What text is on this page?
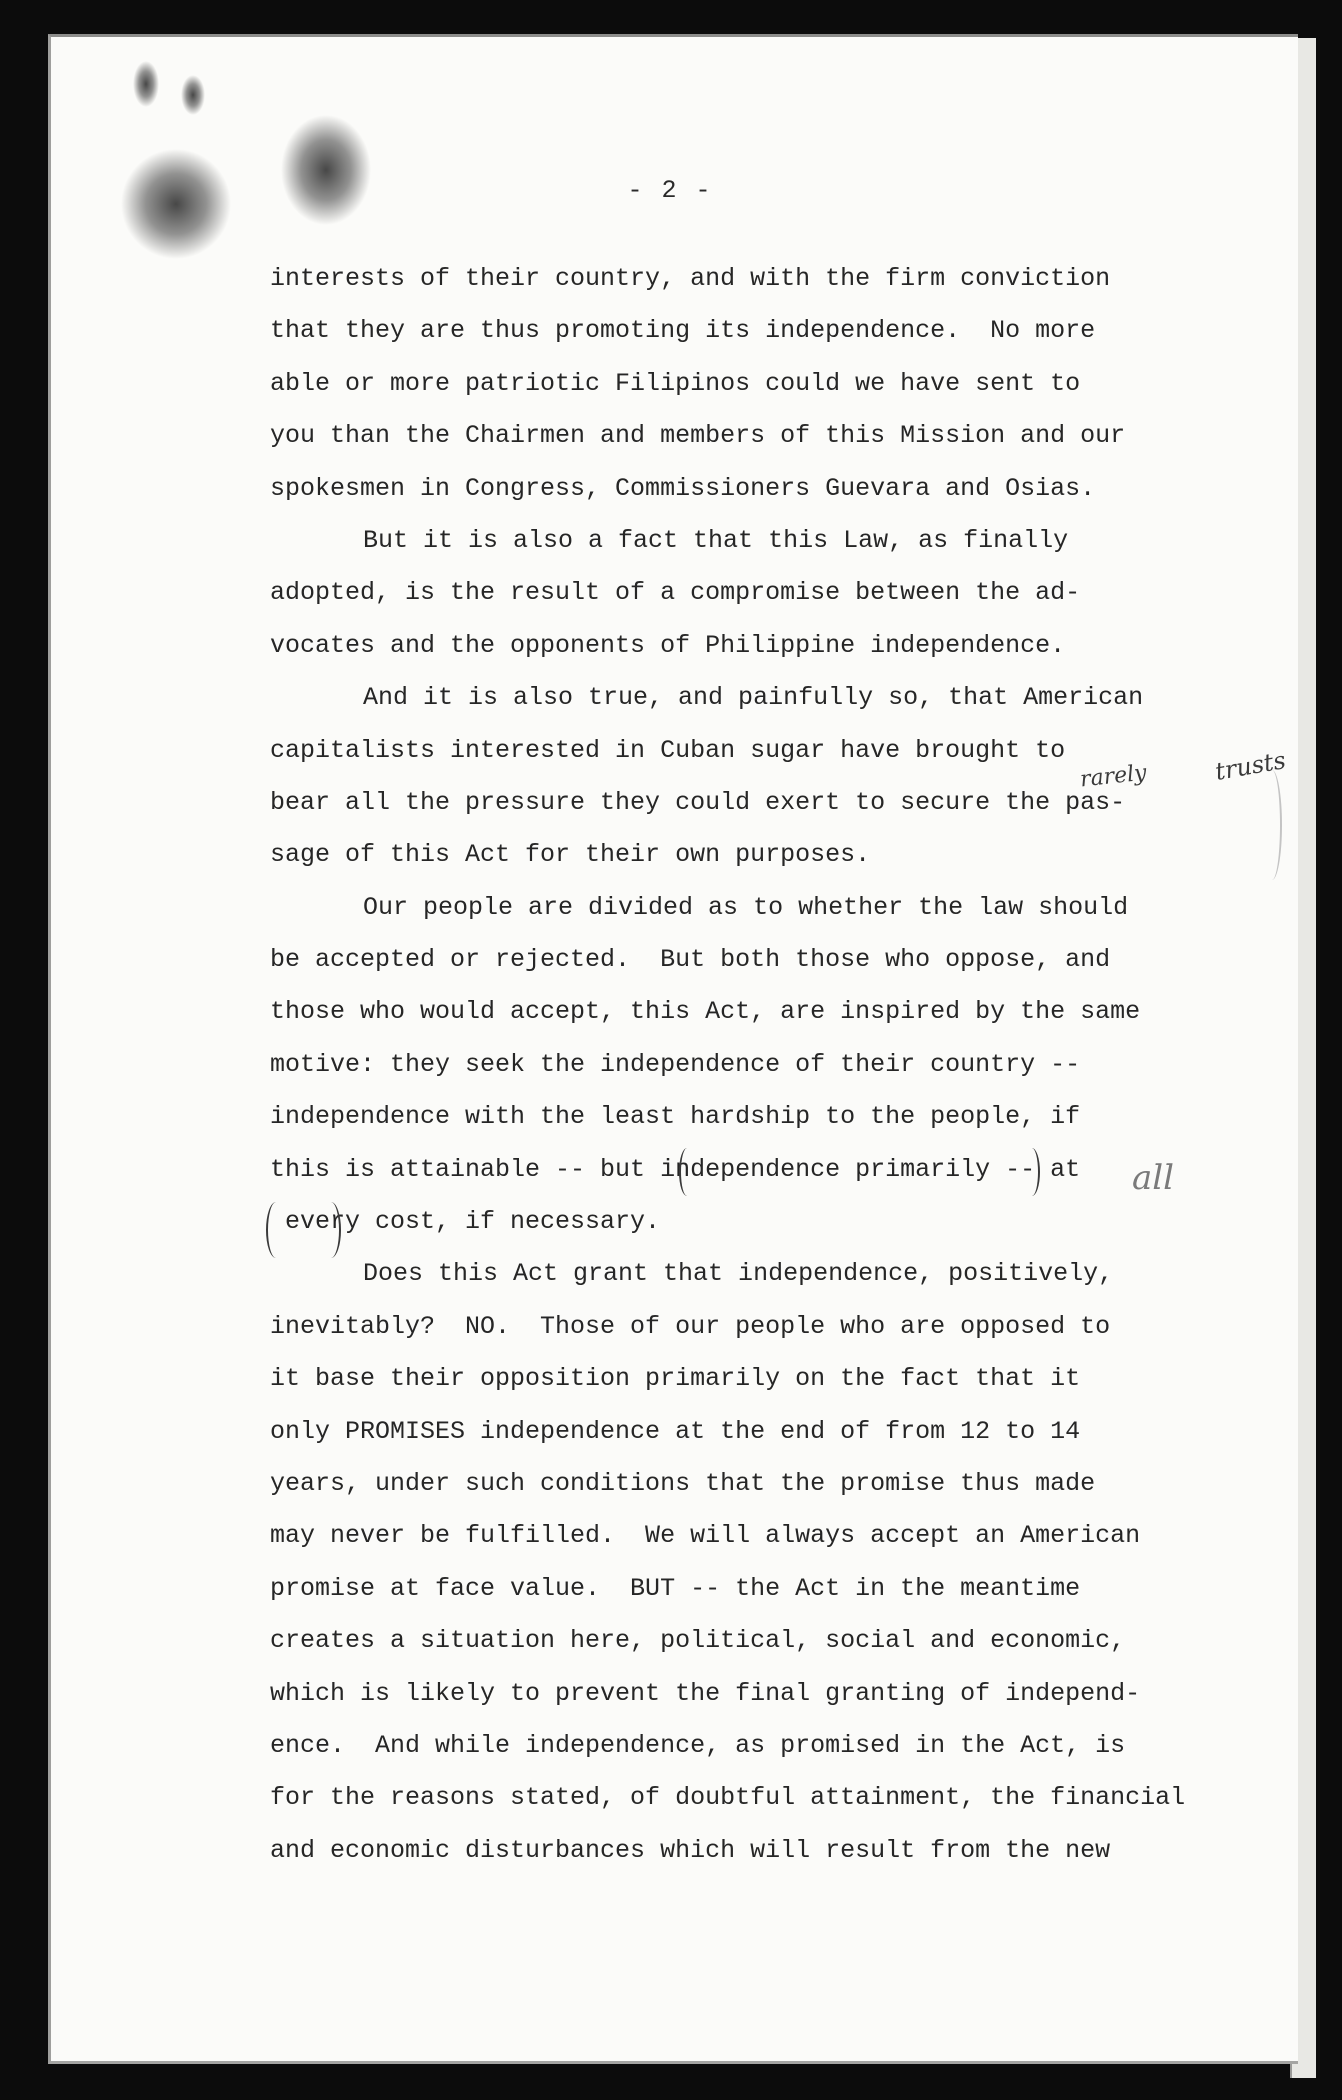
- 2 -
interests of their country, and with the firm conviction
that they are thus promoting its independence.  No more
able or more patriotic Filipinos could we have sent to
you than the Chairmen and members of this Mission and our
spokesmen in Congress, Commissioners Guevara and Osias.
But it is also a fact that this Law, as finally
adopted, is the result of a compromise between the ad-
vocates and the opponents of Philippine independence.
And it is also true, and painfully so, that American
capitalists interested in Cuban sugar have brought to
bear all the pressure they could exert to secure the pas-
sage of this Act for their own purposes.
Our people are divided as to whether the law should
be accepted or rejected.  But both those who oppose, and
those who would accept, this Act, are inspired by the same
motive: they seek the independence of their country --
independence with the least hardship to the people, if
this is attainable -- but independence primarily -- at
every cost, if necessary.
Does this Act grant that independence, positively,
inevitably?  NO.  Those of our people who are opposed to
it base their opposition primarily on the fact that it
only PROMISES independence at the end of from 12 to 14
years, under such conditions that the promise thus made
may never be fulfilled.  We will always accept an American
promise at face value.  BUT -- the Act in the meantime
creates a situation here, political, social and economic,
which is likely to prevent the final granting of independ-
ence.  And while independence, as promised in the Act, is
for the reasons stated, of doubtful attainment, the financial
and economic disturbances which will result from the new
rarely	trusts
all
